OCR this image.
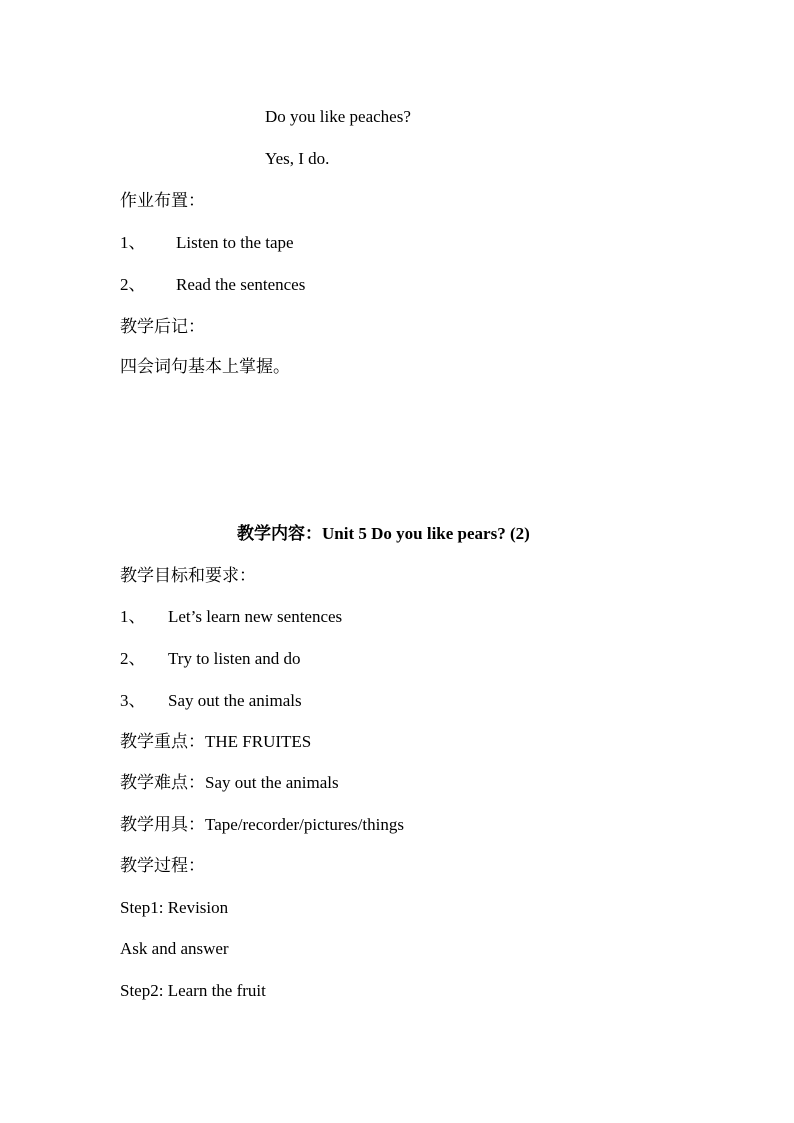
Do you like peaches?
Yes, I do.
作业布置：
1、 Listen to the tape
2、 Read the sentences
教学后记：
四会词句基本上掌握。
教学内容：Unit 5 Do you like pears? (2)
教学目标和要求：
1、 Let’s learn new sentences
2、 Try to listen and do
3、 Say out the animals
教学重点：THE FRUITES
教学难点：Say out the animals
教学用具：Tape/recorder/pictures/things
教学过程：
Step1: Revision
Ask and answer
Step2: Learn the fruit
